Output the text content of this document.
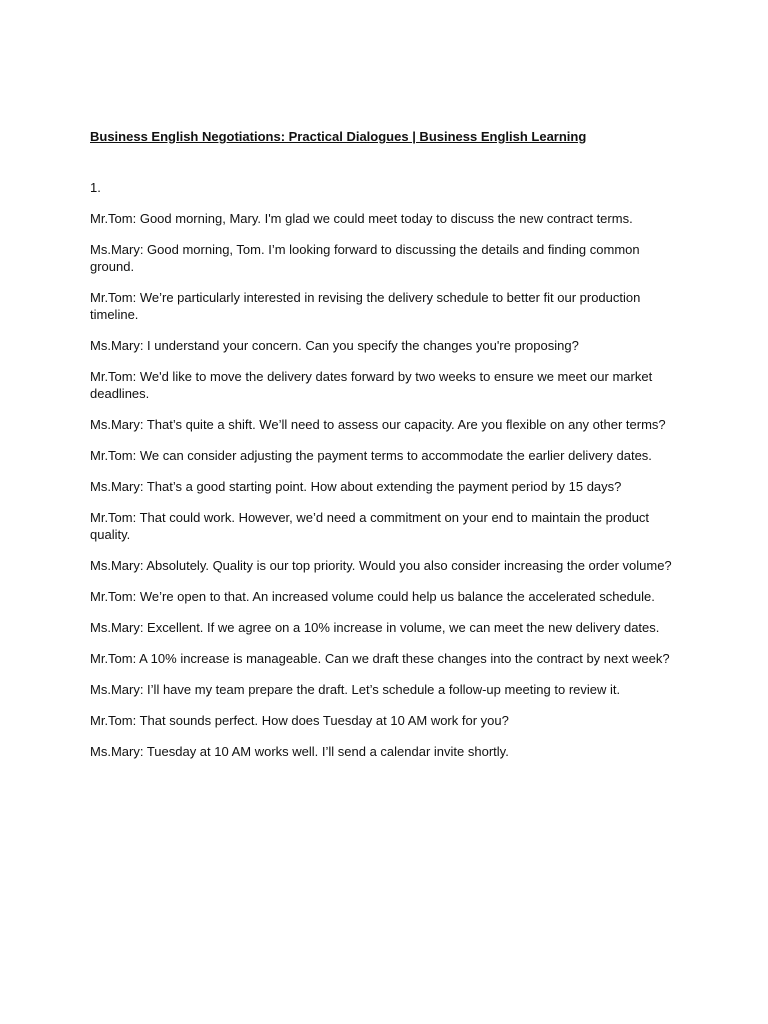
Business English Negotiations: Practical Dialogues | Business English Learning

1.

Mr.Tom: Good morning, Mary. I'm glad we could meet today to discuss the new contract terms.
Ms.Mary: Good morning, Tom. I’m looking forward to discussing the details and finding common ground.
Mr.Tom: We’re particularly interested in revising the delivery schedule to better fit our production timeline.
Ms.Mary: I understand your concern. Can you specify the changes you're proposing?
Mr.Tom: We'd like to move the delivery dates forward by two weeks to ensure we meet our market deadlines.
Ms.Mary: That’s quite a shift. We’ll need to assess our capacity. Are you flexible on any other terms?
Mr.Tom: We can consider adjusting the payment terms to accommodate the earlier delivery dates.
Ms.Mary: That’s a good starting point. How about extending the payment period by 15 days?
Mr.Tom: That could work. However, we’d need a commitment on your end to maintain the product quality.
Ms.Mary: Absolutely. Quality is our top priority. Would you also consider increasing the order volume?
Mr.Tom: We’re open to that. An increased volume could help us balance the accelerated schedule.
Ms.Mary: Excellent. If we agree on a 10% increase in volume, we can meet the new delivery dates.
Mr.Tom: A 10% increase is manageable. Can we draft these changes into the contract by next week?
Ms.Mary: I’ll have my team prepare the draft. Let’s schedule a follow-up meeting to review it.
Mr.Tom: That sounds perfect. How does Tuesday at 10 AM work for you?
Ms.Mary: Tuesday at 10 AM works well. I’ll send a calendar invite shortly.
